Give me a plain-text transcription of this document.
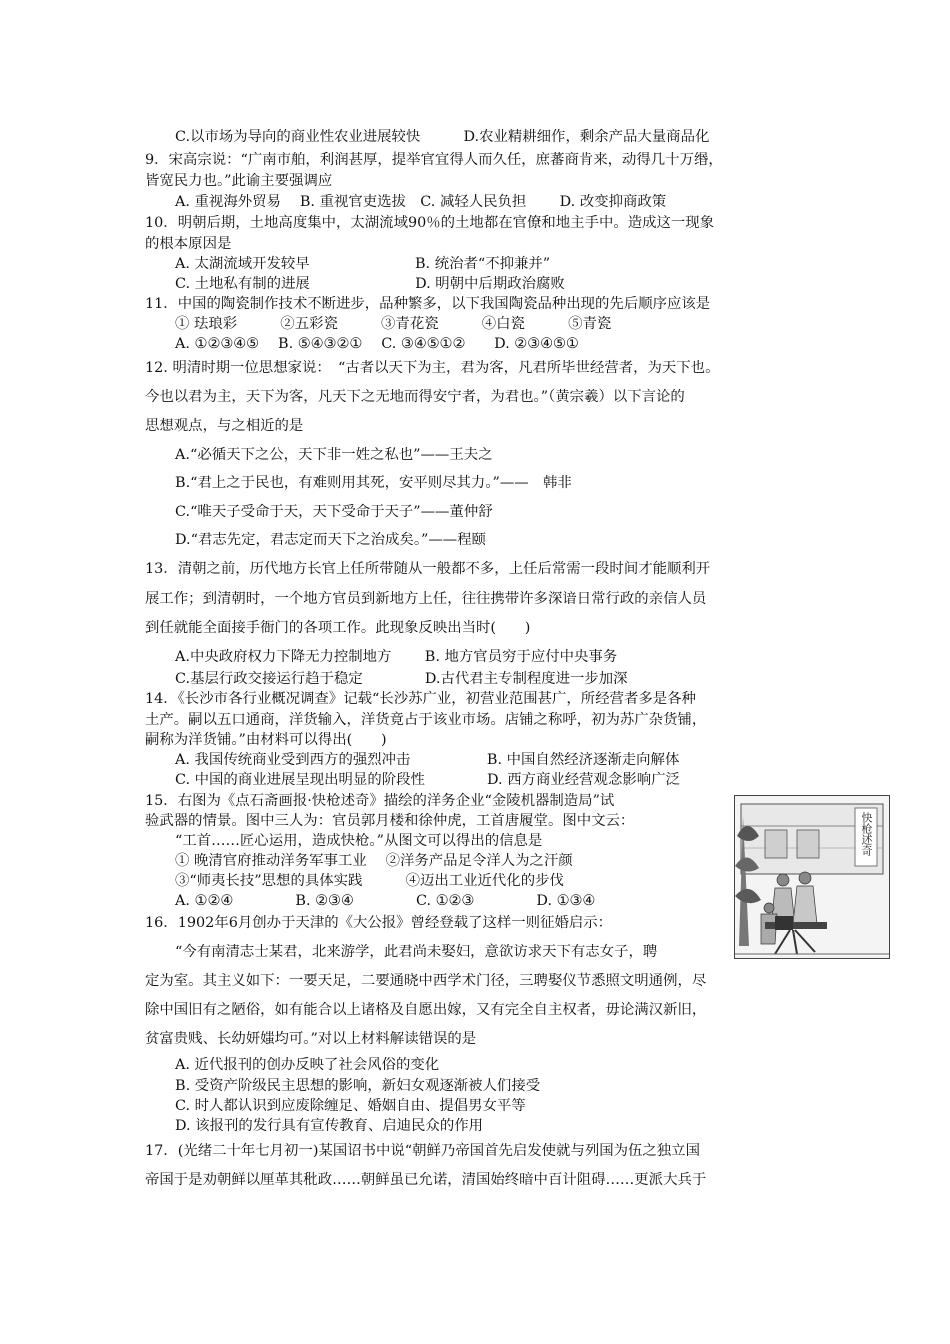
C.以市场为导向的商业性农业进展较快　　　D.农业精耕细作，剩余产品大量商品化
9．宋高宗说：“广南市舶，利润甚厚，提举官宜得人而久任，庶蕃商肯来，动得几十万缗，
皆宽民力也。”此谕主要强调应
A. 重视海外贸易　 B. 重视官吏选拔　C. 减轻人民负担　　 D. 改变抑商政策
10．明朝后期，土地高度集中，太湖流域90％的土地都在官僚和地主手中。造成这一现象
的根本原因是
A. 太湖流域开发较早　　　　　　　 B. 统治者“不抑兼并”
C. 土地私有制的进展　　　　　　　 D. 明朝中后期政治腐败
11．中国的陶瓷制作技术不断进步，品种繁多，以下我国陶瓷品种出现的先后顺序应该是
① 珐琅彩　　　②五彩瓷　　　③青花瓷　　　④白瓷　　　⑤青瓷
A. ①②③④⑤　 B. ⑤④③②①　 C. ③④⑤①②　　D. ②③④⑤①
12. 明清时期一位思想家说：　“古者以天下为主，君为客，凡君所毕世经营者，为天下也。
今也以君为主，天下为客，凡天下之无地而得安宁者，为君也。”（黄宗羲）以下言论的
思想观点，与之相近的是
A.“必循天下之公，天下非一姓之私也”——王夫之
B.“君上之于民也，有难则用其死，安平则尽其力。”——　韩非
C.“唯天子受命于天，天下受命于天子”——董仲舒
D.“君志先定，君志定而天下之治成矣。”——程颐
13．清朝之前，历代地方长官上任所带随从一般都不多，上任后常需一段时间才能顺利开
展工作；到清朝时，一个地方官员到新地方上任，往往携带许多深谙日常行政的亲信人员
到任就能全面接手衙门的各项工作。此现象反映出当时(　　)
A.中央政府权力下降无力控制地方　　 B. 地方官员穷于应付中央事务
C.基层行政交接运行趋于稳定　　　　 D.古代君主专制程度进一步加深
14．《长沙市各行业概况调查》记载“长沙苏广业，初营业范围甚广，所经营者多是各种
土产。嗣以五口通商，洋货输入，洋货竟占于该业市场。店铺之称呼，初为苏广杂货铺，
嗣称为洋货铺。”由材料可以得出(　　)
A. 我国传统商业受到西方的强烈冲击　　　　　 B. 中国自然经济逐渐走向解体
C. 中国的商业进展呈现出明显的阶段性　　　　 D. 西方商业经营观念影响广泛
15．右图为《点石斋画报·快枪述奇》描绘的洋务企业“金陵机器制造局”试
验武器的情景。图中三人为：官员郭月楼和徐仲虎，工首唐履堂。图中文云：
“工首……匠心运用，造成快枪。”从图文可以得出的信息是
① 晚清官府推动洋务军事工业　 ②洋务产品足令洋人为之汗颜
③“师夷长技”思想的具体实践　　　④迈出工业近代化的步伐
A. ①②④　　　　 B. ②③④　　　　 C. ①②③　　　　 D. ①③④
16．1902年6月创办于天津的《大公报》曾经登载了这样一则征婚启示：
“今有南清志士某君，北来游学，此君尚未娶妇，意欲访求天下有志女子，聘
定为室。其主义如下：一要天足，二要通晓中西学术门径，三聘娶仪节悉照文明通例，尽
除中国旧有之陋俗，如有能合以上诸格及自愿出嫁，又有完全自主权者，毋论满汉新旧，
贫富贵贱、长幼妍媸均可。”对以上材料解读错误的是
A. 近代报刊的创办反映了社会风俗的变化
B. 受资产阶级民主思想的影响，新妇女观逐渐被人们接受
C. 时人都认识到应废除缠足、婚姻自由、提倡男女平等
D. 该报刊的发行具有宣传教育、启迪民众的作用
17．(光绪二十年七月初一)某国诏书中说“朝鲜乃帝国首先启发使就与列国为伍之独立国
帝国于是劝朝鲜以厘革其秕政……朝鲜虽已允诺，清国始终暗中百计阻碍……更派大兵于
快枪述奇
